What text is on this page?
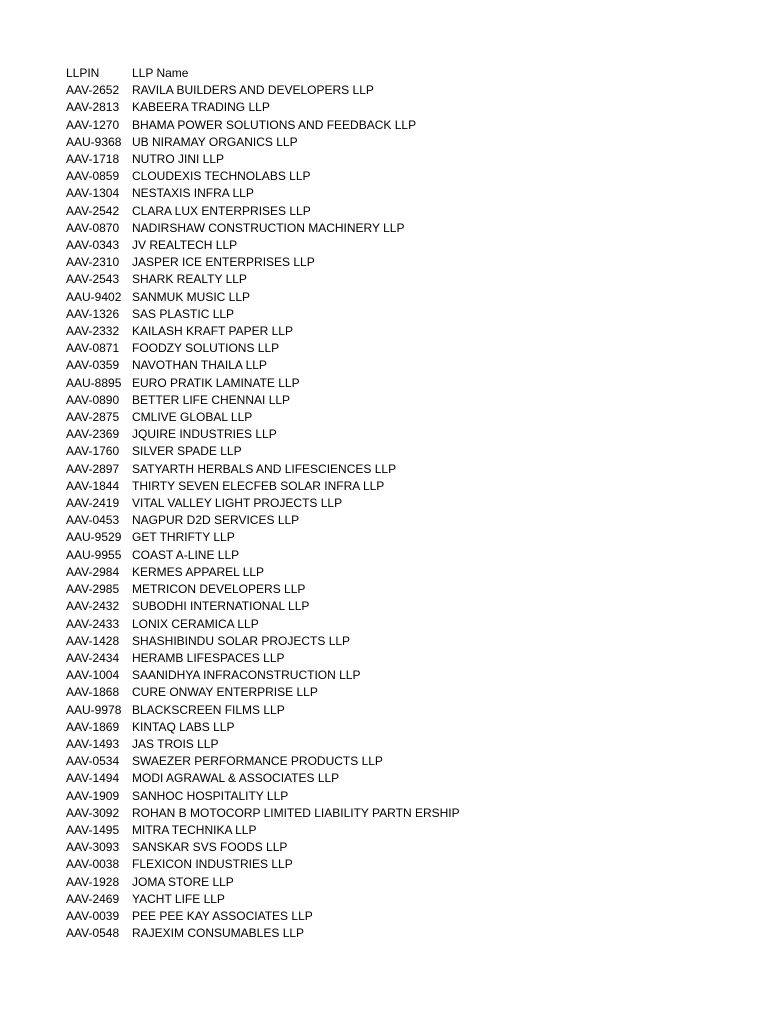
LLPIN	LLP Name
AAV-2652	RAVILA BUILDERS AND DEVELOPERS LLP
AAV-2813	KABEERA TRADING LLP
AAV-1270	BHAMA POWER SOLUTIONS AND FEEDBACK LLP
AAU-9368	UB NIRAMAY ORGANICS LLP
AAV-1718	NUTRO JINI LLP
AAV-0859	CLOUDEXIS TECHNOLABS LLP
AAV-1304	NESTAXIS INFRA LLP
AAV-2542	CLARA LUX ENTERPRISES LLP
AAV-0870	NADIRSHAW CONSTRUCTION MACHINERY LLP
AAV-0343	JV REALTECH LLP
AAV-2310	JASPER ICE ENTERPRISES LLP
AAV-2543	SHARK REALTY LLP
AAU-9402	SANMUK MUSIC LLP
AAV-1326	SAS PLASTIC LLP
AAV-2332	KAILASH KRAFT PAPER LLP
AAV-0871	FOODZY SOLUTIONS LLP
AAV-0359	NAVOTHAN THAILA LLP
AAU-8895	EURO PRATIK LAMINATE LLP
AAV-0890	BETTER LIFE CHENNAI LLP
AAV-2875	CMLIVE GLOBAL LLP
AAV-2369	JQUIRE INDUSTRIES LLP
AAV-1760	SILVER SPADE LLP
AAV-2897	SATYARTH HERBALS AND LIFESCIENCES LLP
AAV-1844	THIRTY SEVEN ELECFEB SOLAR INFRA LLP
AAV-2419	VITAL VALLEY LIGHT PROJECTS LLP
AAV-0453	NAGPUR D2D SERVICES LLP
AAU-9529	GET THRIFTY LLP
AAU-9955	COAST A-LINE LLP
AAV-2984	KERMES APPAREL LLP
AAV-2985	METRICON DEVELOPERS LLP
AAV-2432	SUBODHI INTERNATIONAL LLP
AAV-2433	LONIX CERAMICA LLP
AAV-1428	SHASHIBINDU SOLAR PROJECTS LLP
AAV-2434	HERAMB LIFESPACES LLP
AAV-1004	SAANIDHYA INFRACONSTRUCTION LLP
AAV-1868	CURE ONWAY ENTERPRISE LLP
AAU-9978	BLACKSCREEN FILMS LLP
AAV-1869	KINTAQ LABS LLP
AAV-1493	JAS TROIS LLP
AAV-0534	SWAEZER PERFORMANCE PRODUCTS LLP
AAV-1494	MODI AGRAWAL & ASSOCIATES LLP
AAV-1909	SANHOC HOSPITALITY LLP
AAV-3092	ROHAN B MOTOCORP LIMITED LIABILITY PARTN ERSHIP
AAV-1495	MITRA TECHNIKA LLP
AAV-3093	SANSKAR SVS FOODS LLP
AAV-0038	FLEXICON INDUSTRIES LLP
AAV-1928	JOMA STORE LLP
AAV-2469	YACHT LIFE LLP
AAV-0039	PEE PEE KAY ASSOCIATES LLP
AAV-0548	RAJEXIM CONSUMABLES LLP
